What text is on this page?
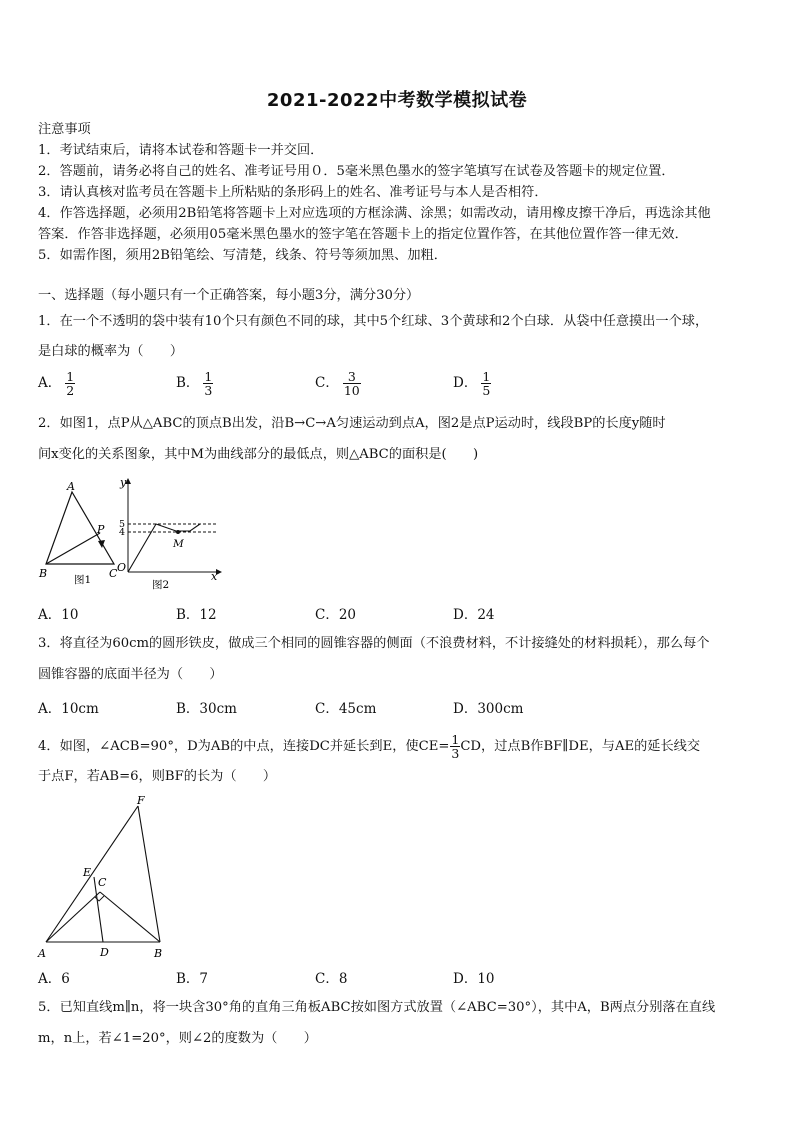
2021-2022中考数学模拟试卷
注意事项
1．考试结束后，请将本试卷和答题卡一并交回．
2．答题前，请务必将自己的姓名、准考证号用０．5毫米黑色墨水的签字笔填写在试卷及答题卡的规定位置．
3．请认真核对监考员在答题卡上所粘贴的条形码上的姓名、准考证号与本人是否相符．
4．作答选择题，必须用2B铅笔将答题卡上对应选项的方框涂满、涂黑；如需改动，请用橡皮擦干净后，再选涂其他
答案．作答非选择题，必须用05毫米黑色墨水的签字笔在答题卡上的指定位置作答，在其他位置作答一律无效．
5．如需作图，须用2B铅笔绘、写清楚，线条、符号等须加黑、加粗．
一、选择题（每小题只有一个正确答案，每小题3分，满分30分）
1．在一个不透明的袋中装有10个只有颜色不同的球，其中5个红球、3个黄球和2个白球．从袋中任意摸出一个球，
是白球的概率为（　　）
A． $\frac{1}{2}$	B． $\frac{1}{3}$	C． $\frac{3}{10}$	D． $\frac{1}{5}$
2．如图1，点P从△ABC的顶点B出发，沿B→C→A匀速运动到点A，图2是点P运动时，线段BP的长度y随时
间x变化的关系图象，其中M为曲线部分的最低点，则△ABC的面积是(　　)
A
B	C
P
图1
y
x
O
M
5
4
图2
A．10	B．12	C．20	D．24
3．将直径为60cm的圆形铁皮，做成三个相同的圆锥容器的侧面（不浪费材料，不计接缝处的材料损耗），那么每个
圆锥容器的底面半径为（　　）
A．10cm	B．30cm	C．45cm	D．300cm
4．如图，∠ACB=90°，D为AB的中点，连接DC并延长到E，使$CE= \frac{1}{3}$ CD，过点B作BF∥DE，与AE的延长线交
于点F，若AB=6，则BF的长为（　　）
F
E
C
A	D	B
A．6	B．7	C．8	D．10
5．已知直线m∥n，将一块含30°角的直角三角板ABC按如图方式放置（∠ABC=30°），其中A，B两点分别落在直线
m，n上，若∠1=20°，则∠2的度数为（　　）
